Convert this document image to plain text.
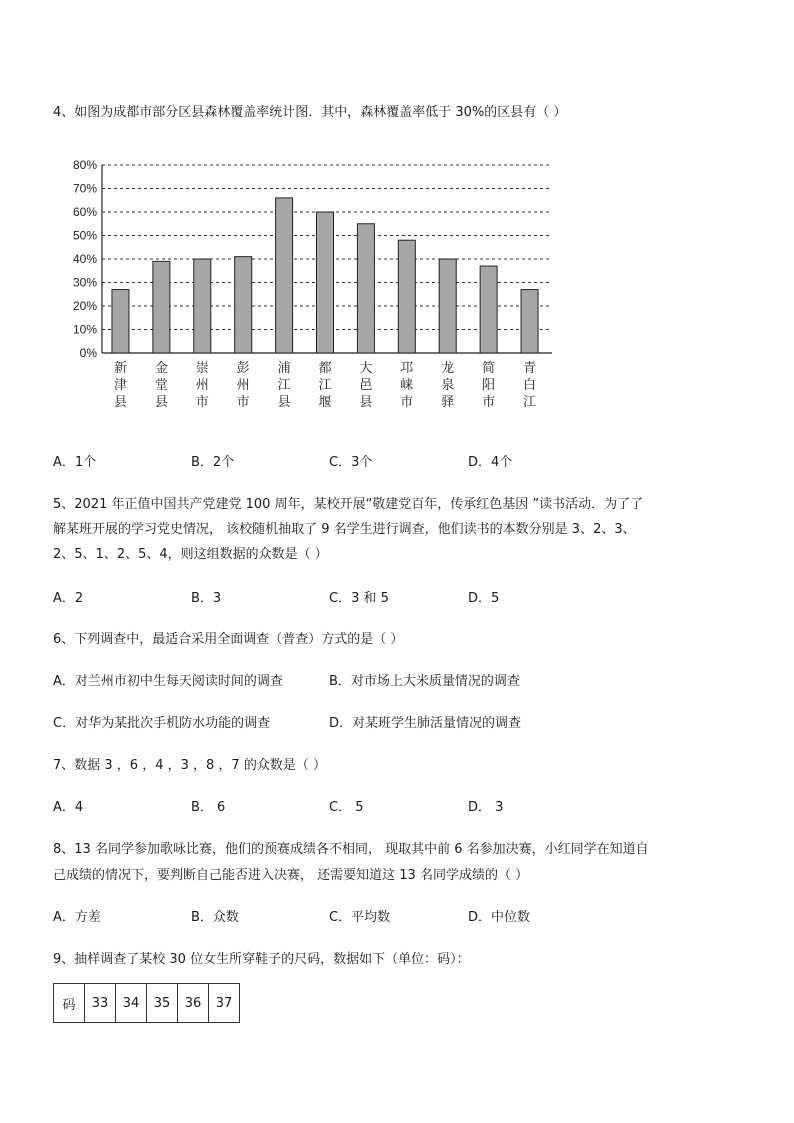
4、如图为成都市部分区县森林覆盖率统计图．其中，森林覆盖率低于 30%的区县有（ ）
0%
10%
20%
30%
40%
50%
60%
70%
80%
新津县
金堂县
崇州市
彭州市
浦江县
都江堰
大邑县
邛崃市
龙泉驿
简阳市
青白江
A．1个	B．2个	C．3个	D．4个
5、2021 年正值中国共产党建党 100 周年，某校开展“敬建党百年，传承红色基因 ”读书活动．为了了
解某班开展的学习党史情况， 该校随机抽取了 9 名学生进行调查，他们读书的本数分别是 3、2、3、
2、5、1、2、5、4，则这组数据的众数是（ ）
A．2	B．3	C．3 和 5	D．5
6、下列调查中，最适合采用全面调查（普查）方式的是（ ）
A．对兰州市初中生每天阅读时间的调查	B．对市场上大米质量情况的调查
C．对华为某批次手机防水功能的调查	D．对某班学生肺活量情况的调查
7、数据 3 ，6 ，4 ，3 ，8 ，7 的众数是（ ）
A．4	B． 6	C． 5	D． 3
8、13 名同学参加歌咏比赛，他们的预赛成绩各不相同， 现取其中前 6 名参加决赛，小红同学在知道自
己成绩的情况下，要判断自己能否进入决赛， 还需要知道这 13 名同学成绩的（ ）
A．方差	B．众数	C．平均数	D．中位数
9、抽样调查了某校 30 位女生所穿鞋子的尺码，数据如下（单位：码）：
码	33	34	35	36	37
